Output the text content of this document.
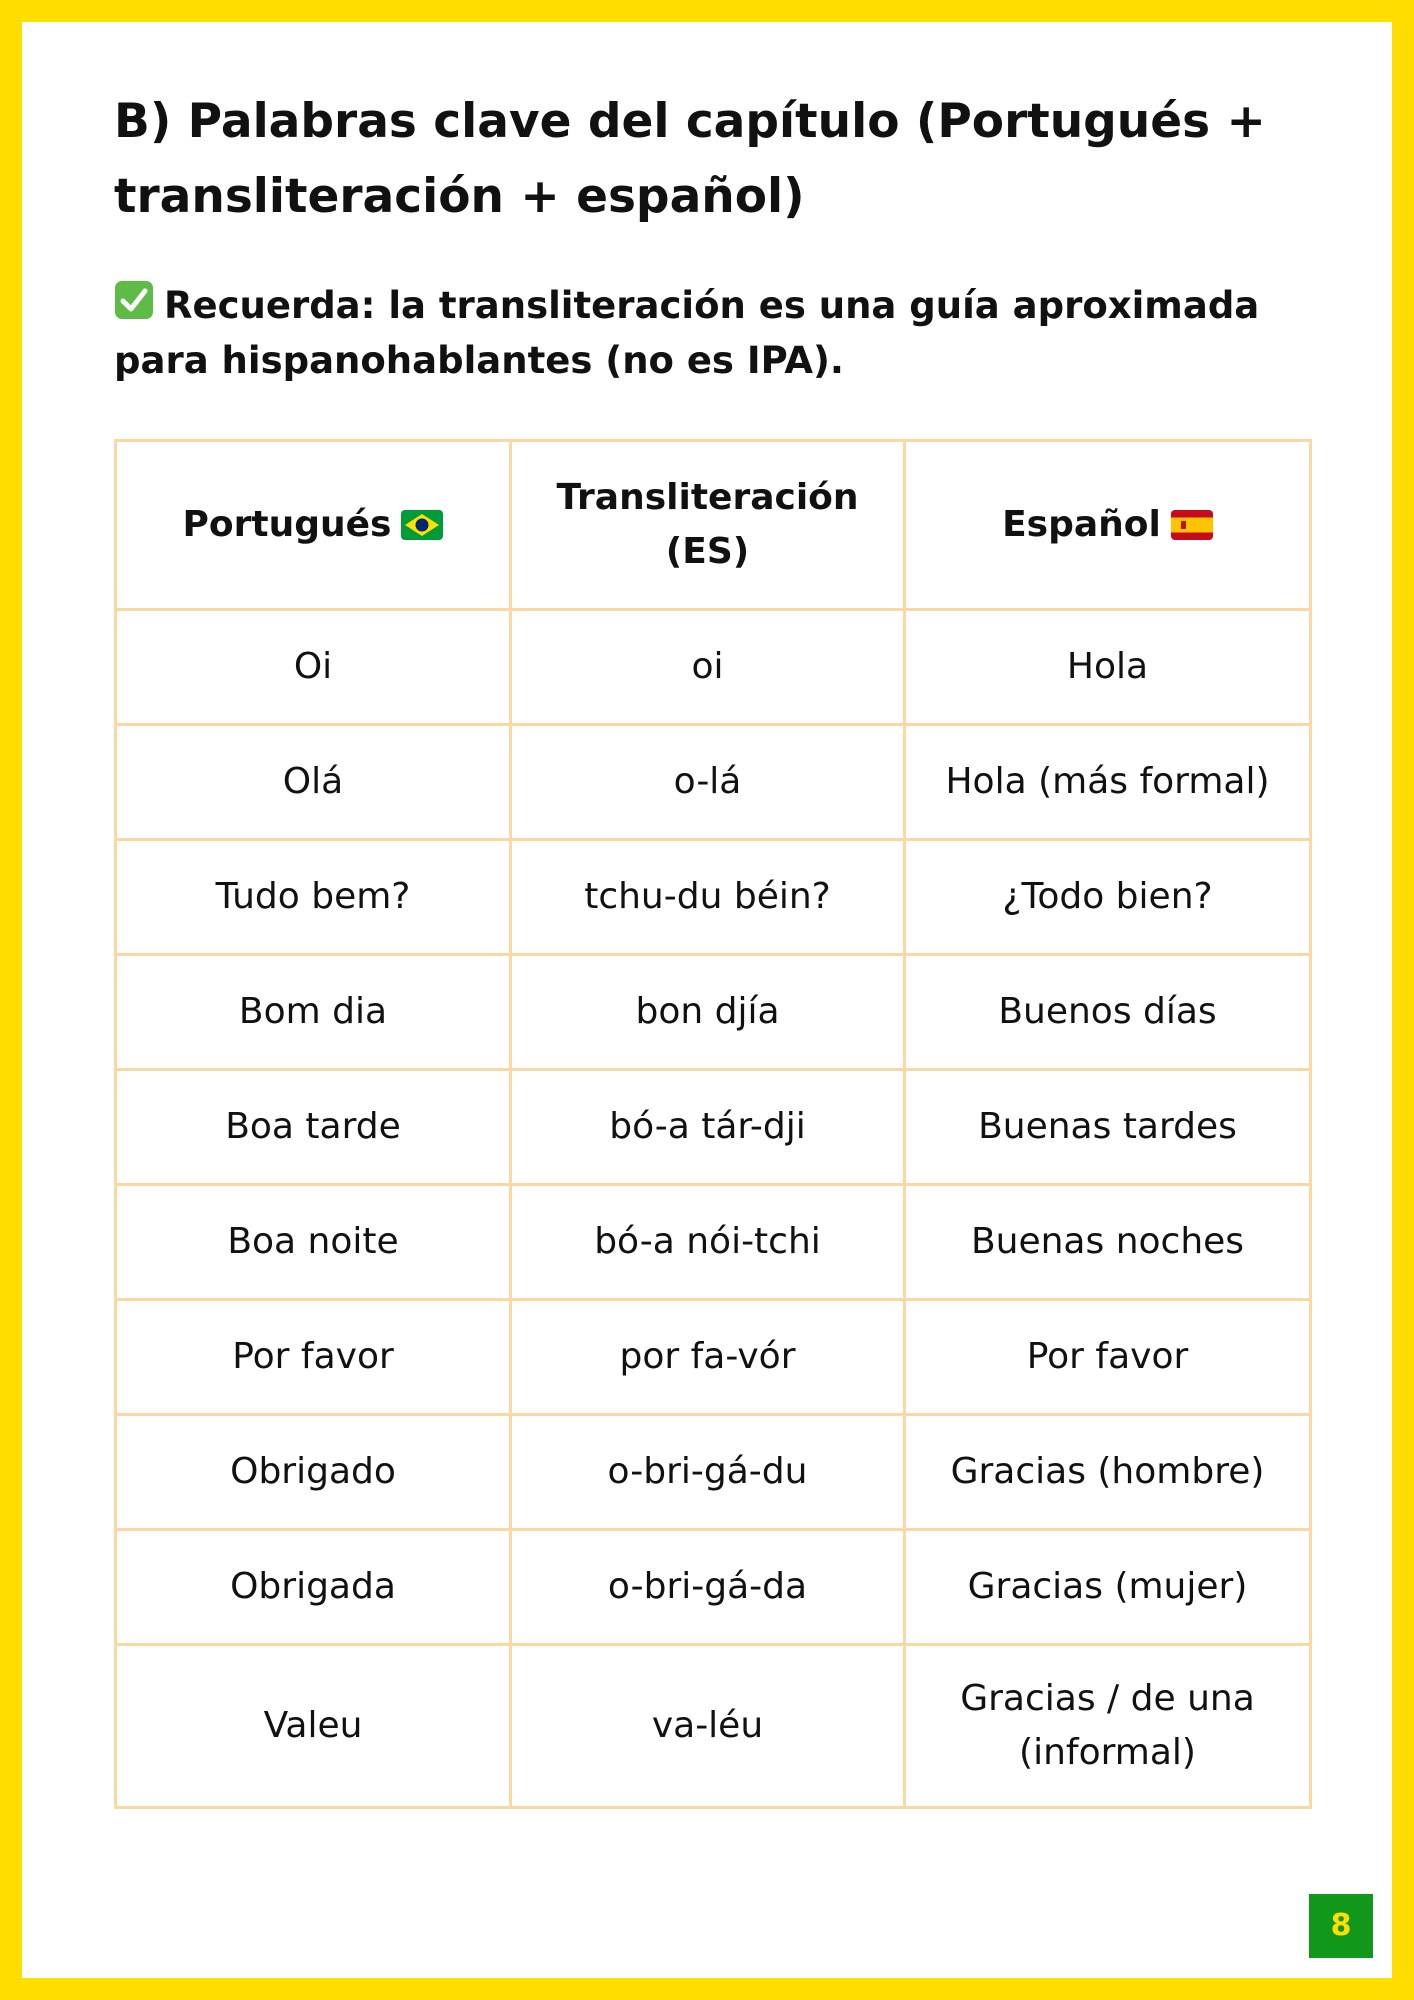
B) Palabras clave del capítulo (Portugués + transliteración + español)

Recuerda: la transliteración es una guía aproximada para hispanohablantes (no es IPA).

Portugués	Transliteración (ES)	Español

Oi	oi	Hola
Olá	o-lá	Hola (más formal)
Tudo bem?	tchu-du béin?	¿Todo bien?
Bom dia	bon djía	Buenos días
Boa tarde	bó-a tár-dji	Buenas tardes
Boa noite	bó-a nói-tchi	Buenas noches
Por favor	por fa-vór	Por favor
Obrigado	o-bri-gá-du	Gracias (hombre)
Obrigada	o-bri-gá-da	Gracias (mujer)
Valeu	va-léu	Gracias / de una (informal)
8
